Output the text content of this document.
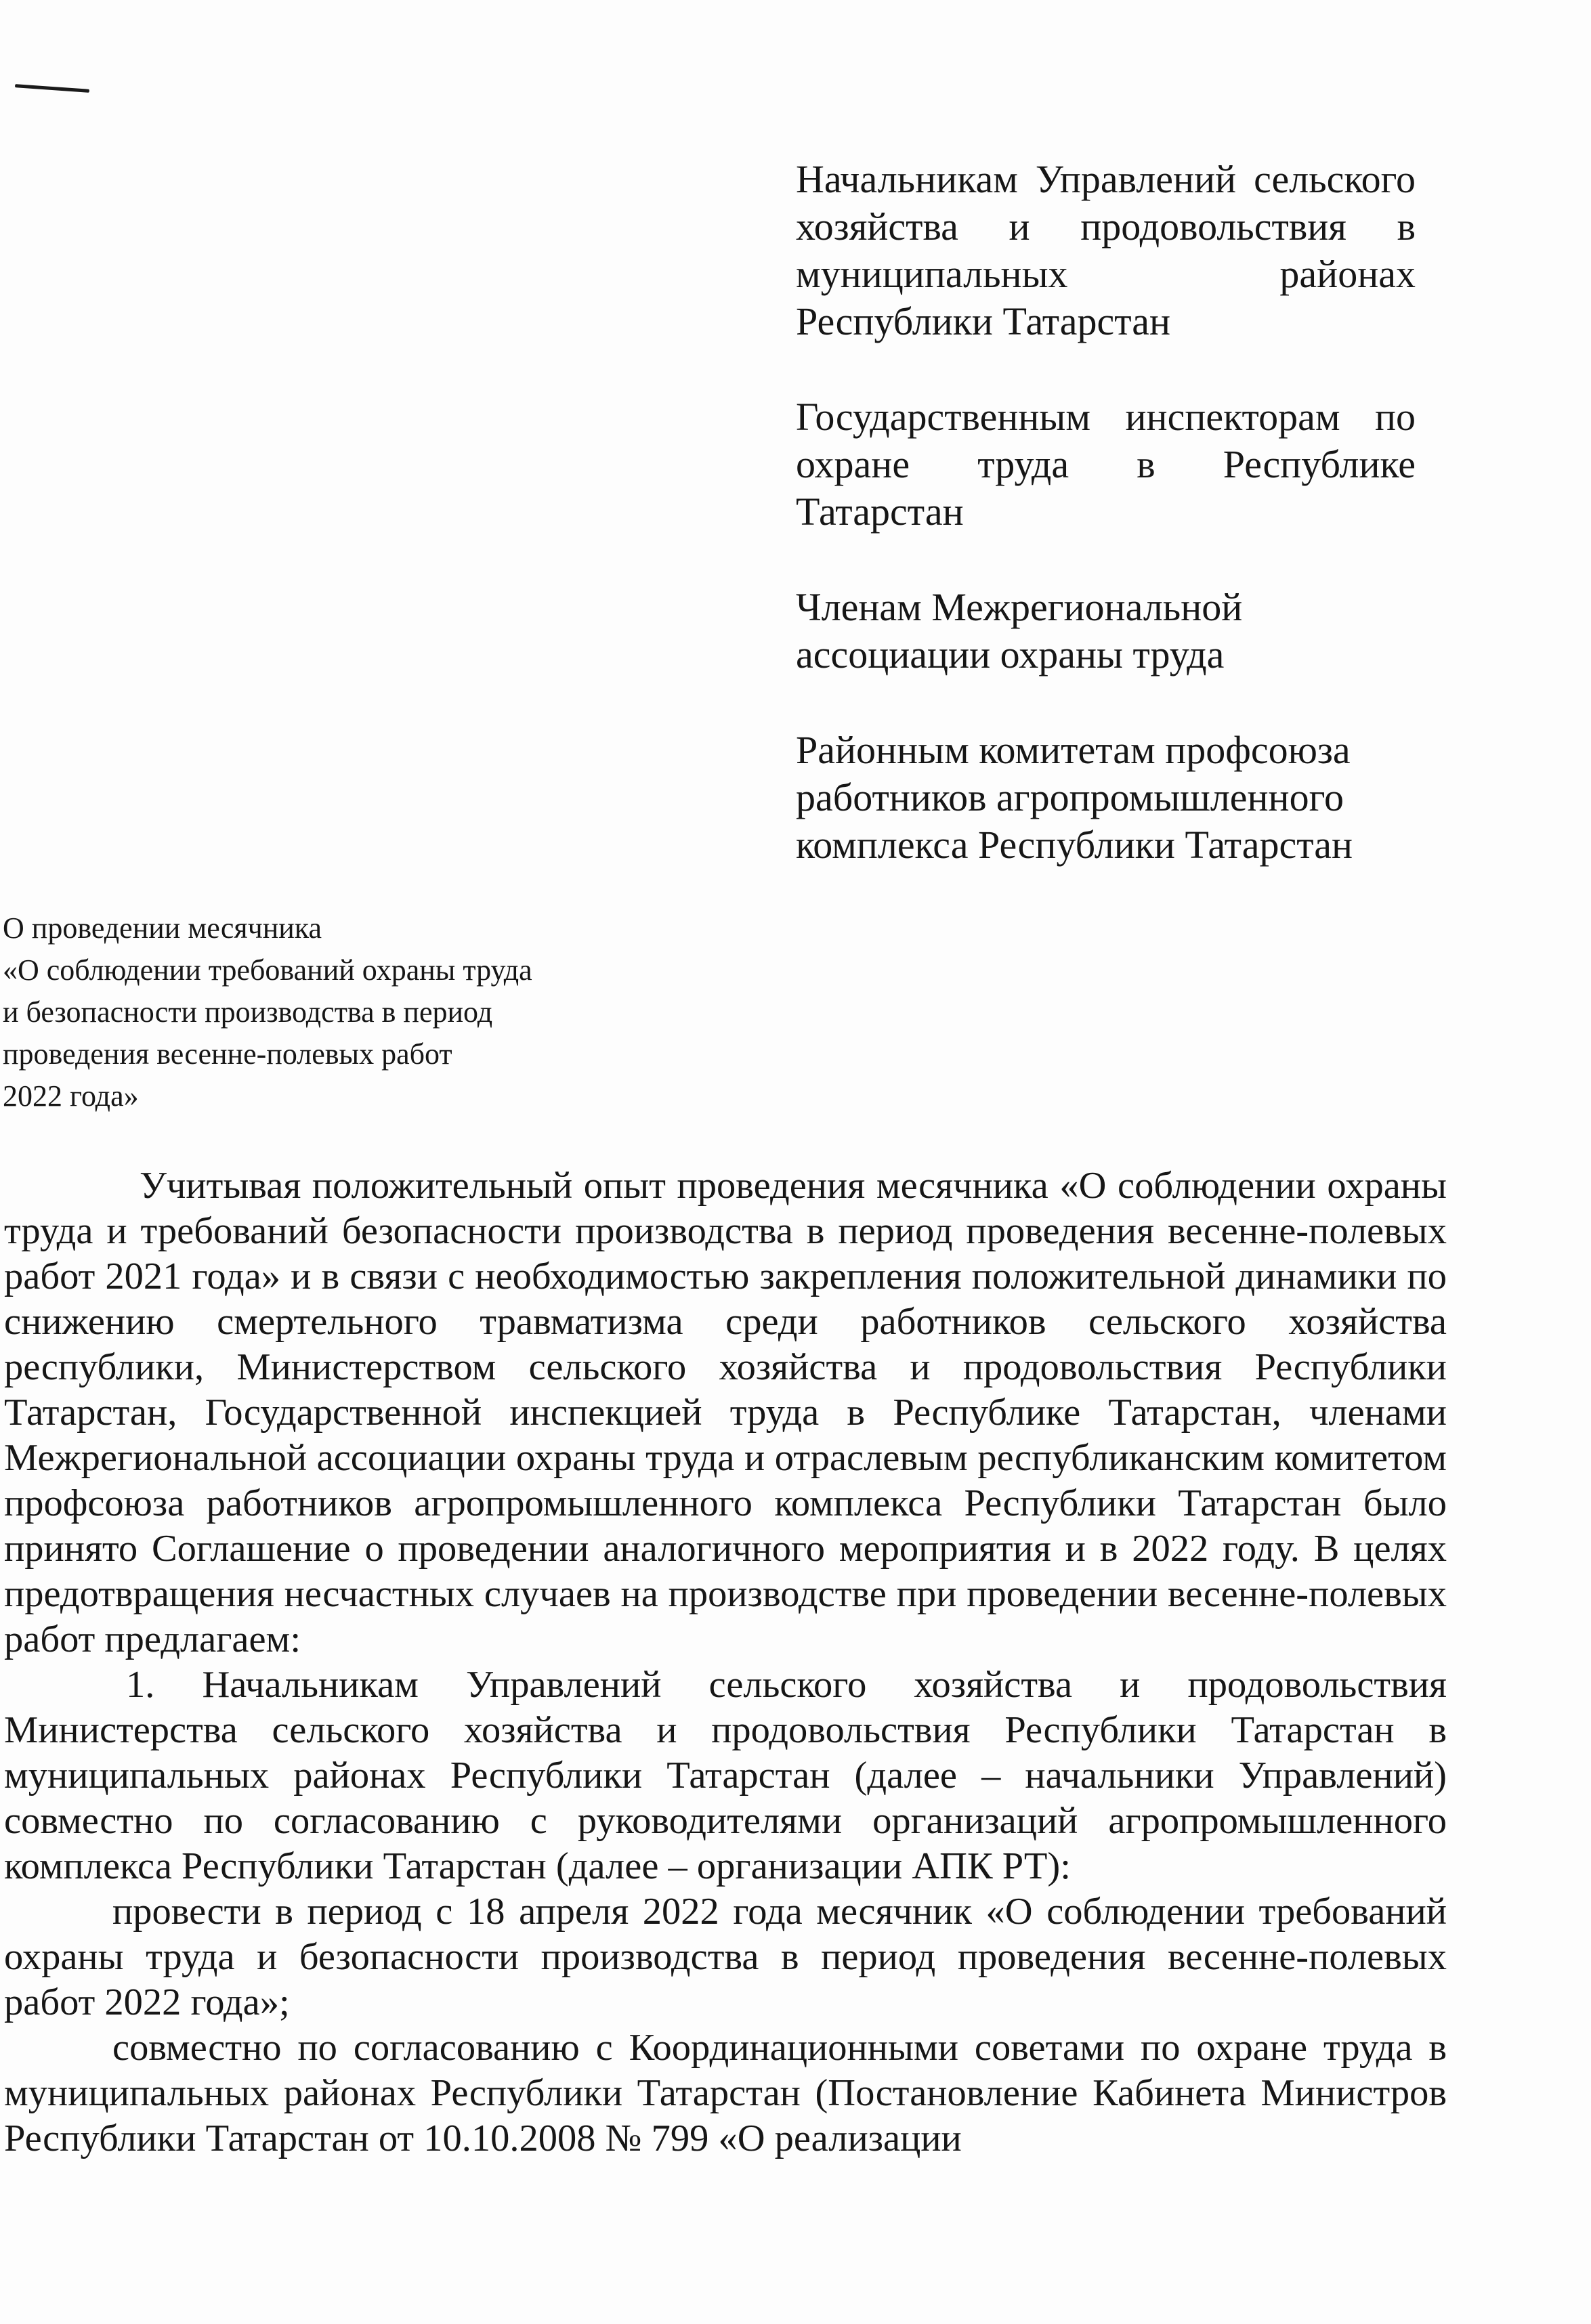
Начальникам Управлений сельского хозяйства и продовольствия в муниципальных районах Республики Татарстан

Государственным инспекторам по охране труда в Республике Татарстан

Членам Межрегиональной
ассоциации охраны труда

Районным комитетам профсоюза
работников агропромышленного
комплекса Республики Татарстан

О проведении месячника
«О соблюдении требований охраны труда
и безопасности производства в период
проведения весенне-полевых работ
2022 года»

Учитывая положительный опыт проведения месячника «О соблюдении охраны труда и требований безопасности производства в период проведения весенне-полевых работ 2021 года» и в связи с необходимостью закрепления положительной динамики по снижению смертельного травматизма среди работников сельского хозяйства республики, Министерством сельского хозяйства и продовольствия Республики Татарстан, Государственной инспекцией труда в Республике Татарстан, членами Межрегиональной ассоциации охраны труда и отраслевым республиканским комитетом профсоюза работников агропромышленного комплекса Республики Татарстан было принято Соглашение о проведении аналогичного мероприятия и в 2022 году. В целях предотвращения несчастных случаев на производстве при проведении весенне-полевых работ предлагаем:

1. Начальникам Управлений сельского хозяйства и продовольствия Министерства сельского хозяйства и продовольствия Республики Татарстан в муниципальных районах Республики Татарстан (далее – начальники Управлений) совместно по согласованию с руководителями организаций агропромышленного комплекса Республики Татарстан (далее – организации АПК РТ):

провести в период с 18 апреля 2022 года месячник «О соблюдении требований охраны труда и безопасности производства в период проведения весенне-полевых работ 2022 года»;

совместно по согласованию с Координационными советами по охране труда в муниципальных районах Республики Татарстан (Постановление Кабинета Министров Республики Татарстан от 10.10.2008 № 799 «О реализации
